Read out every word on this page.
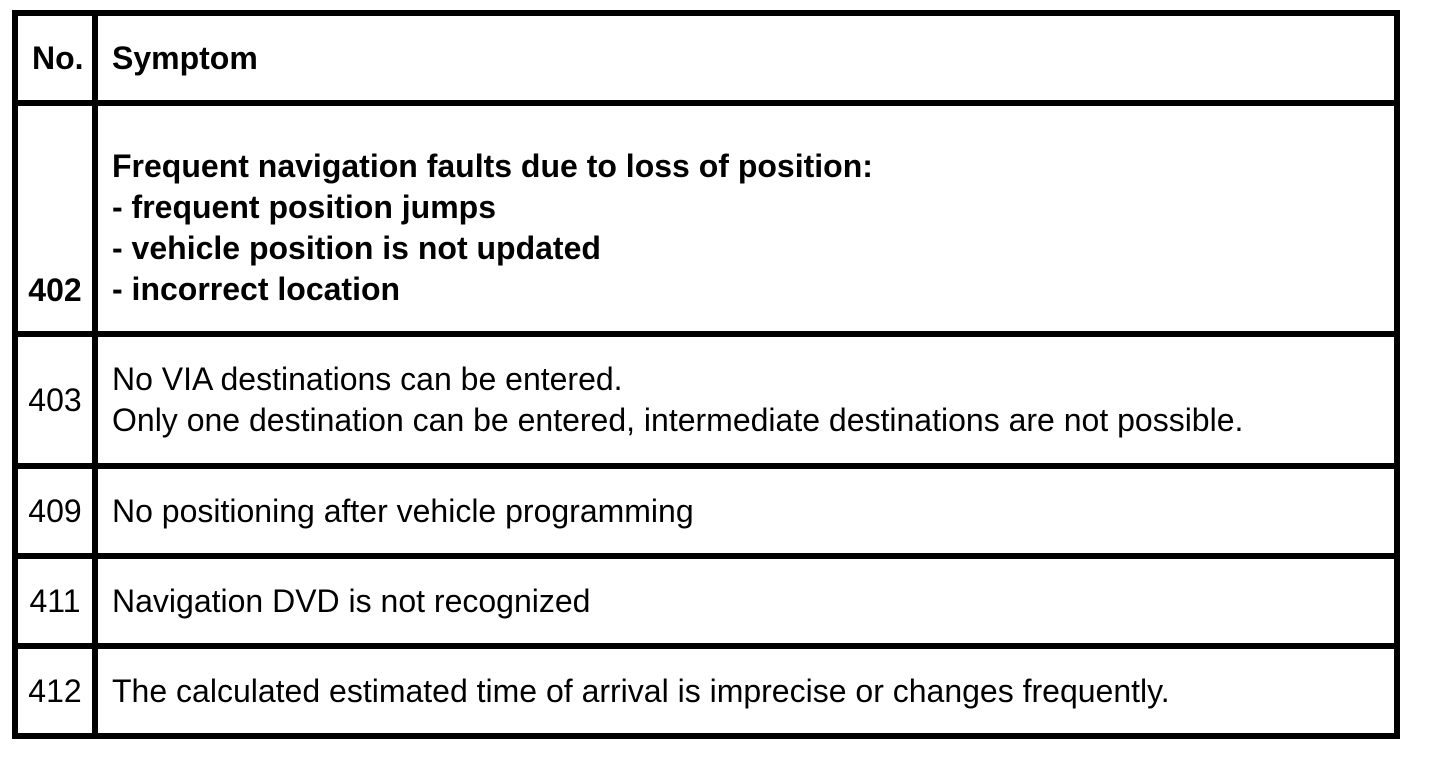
No.	Symptom
402	Frequent navigation faults due to loss of position:
- frequent position jumps
- vehicle position is not updated
- incorrect location

403	No VIA destinations can be entered.
Only one destination can be entered, intermediate destinations are not possible.

409	No positioning after vehicle programming

411	Navigation DVD is not recognized

412	The calculated estimated time of arrival is imprecise or changes frequently.
